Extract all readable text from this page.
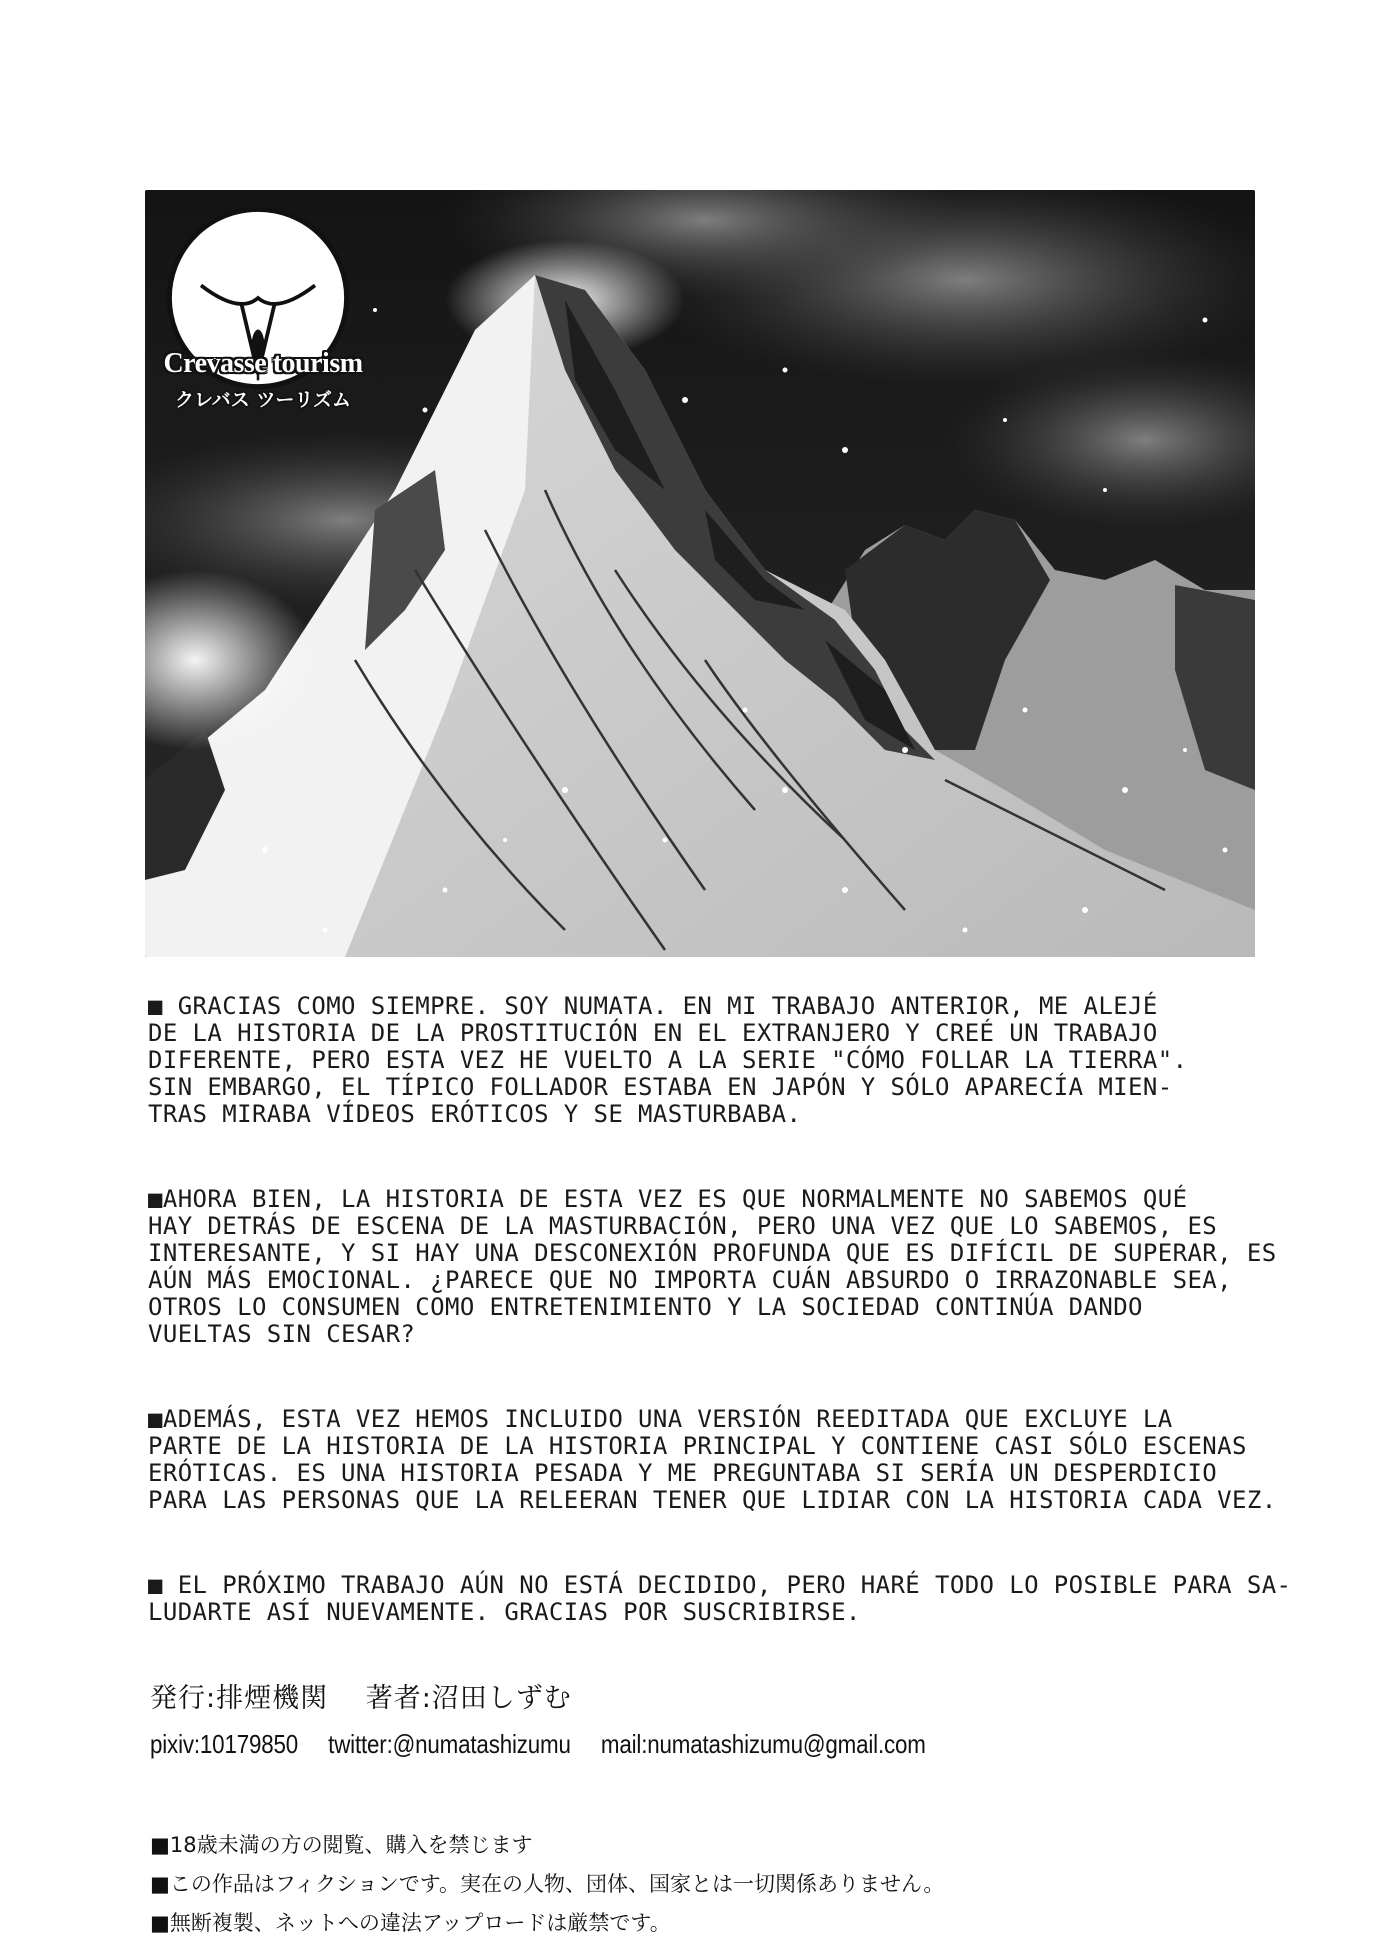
Crevasse tourism
クレバス ツーリズム

■ GRACIAS COMO SIEMPRE. SOY NUMATA. EN MI TRABAJO ANTERIOR, ME ALEJÉ
DE LA HISTORIA DE LA PROSTITUCIÓN EN EL EXTRANJERO Y CREÉ UN TRABAJO
DIFERENTE, PERO ESTA VEZ HE VUELTO A LA SERIE "CÓMO FOLLAR LA TIERRA".
SIN EMBARGO, EL TÍPICO FOLLADOR ESTABA EN JAPÓN Y SÓLO APARECÍA MIEN-
TRAS MIRABA VÍDEOS ERÓTICOS Y SE MASTURBABA.

■AHORA BIEN, LA HISTORIA DE ESTA VEZ ES QUE NORMALMENTE NO SABEMOS QUÉ
HAY DETRÁS DE ESCENA DE LA MASTURBACIÓN, PERO UNA VEZ QUE LO SABEMOS, ES
INTERESANTE, Y SI HAY UNA DESCONEXIÓN PROFUNDA QUE ES DIFÍCIL DE SUPERAR, ES
AÚN MÁS EMOCIONAL. ¿PARECE QUE NO IMPORTA CUÁN ABSURDO O IRRAZONABLE SEA,
OTROS LO CONSUMEN COMO ENTRETENIMIENTO Y LA SOCIEDAD CONTINÚA DANDO
VUELTAS SIN CESAR?

■ADEMÁS, ESTA VEZ HEMOS INCLUIDO UNA VERSIÓN REEDITADA QUE EXCLUYE LA
PARTE DE LA HISTORIA DE LA HISTORIA PRINCIPAL Y CONTIENE CASI SÓLO ESCENAS
ERÓTICAS. ES UNA HISTORIA PESADA Y ME PREGUNTABA SI SERÍA UN DESPERDICIO
PARA LAS PERSONAS QUE LA RELEERAN TENER QUE LIDIAR CON LA HISTORIA CADA VEZ.

■ EL PRÓXIMO TRABAJO AÚN NO ESTÁ DECIDIDO, PERO HARÉ TODO LO POSIBLE PARA SA-
LUDARTE ASÍ NUEVAMENTE. GRACIAS POR SUSCRIBIRSE.

発行:排煙機関 著者:沼田しずむ
pixiv:10179850 twitter:@numatashizumu mail:numatashizumu@gmail.com
■18歳未満の方の閲覧、購入を禁じます
■この作品はフィクションです。実在の人物、団体、国家とは一切関係ありません。
■無断複製、ネットへの違法アップロードは厳禁です。
